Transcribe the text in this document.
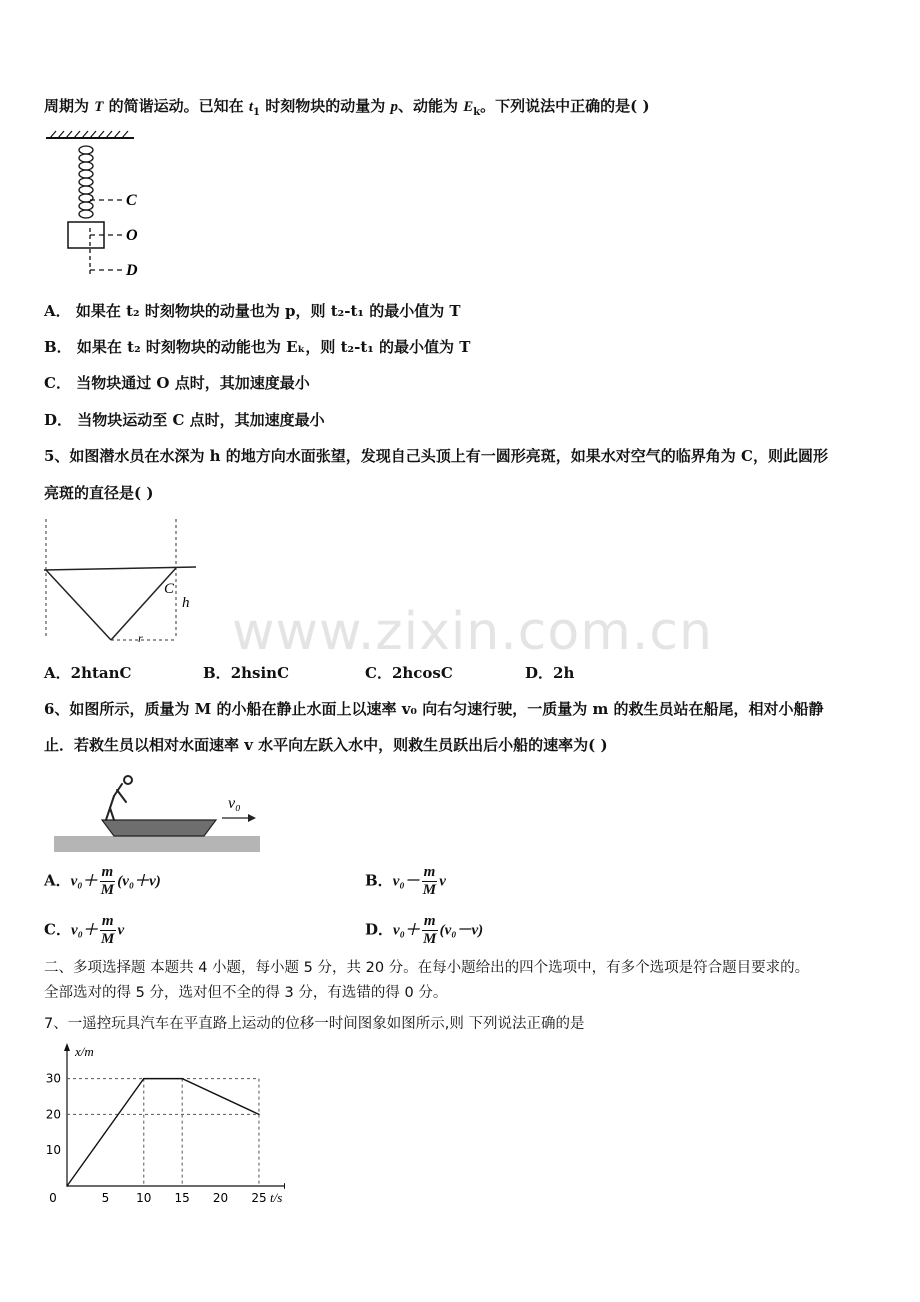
周期为 T 的简谐运动。已知在 $t_1$ 时刻物块的动量为 p、动能为 $E_k$。下列说法中正确的是( )
C
O
D
A． 如果在 t₂ 时刻物块的动量也为 p，则 t₂-t₁ 的最小值为 T
B． 如果在 t₂ 时刻物块的动能也为 Eₖ，则 t₂-t₁ 的最小值为 T
C． 当物块通过 O 点时，其加速度最小
D． 当物块运动至 C 点时，其加速度最小
5、如图潜水员在水深为 h 的地方向水面张望，发现自己头顶上有一圆形亮斑，如果水对空气的临界角为 C，则此圆形
亮斑的直径是( )
C
h
r
A．2htanC	B．2hsinC	C．2hcosC	D．2h
6、如图所示，质量为 M 的小船在静止水面上以速率 v₀ 向右匀速行驶，一质量为 m 的救生员站在船尾，相对小船静
止．若救生员以相对水面速率 v 水平向左跃入水中，则救生员跃出后小船的速率为( )
v₀
A．$v_0+ \frac{m}{M} (v_0+v)$	B．$v_0- \frac{m}{M}$ v
C．$v_0+ \frac{m}{M}$ v	D．$v_0+ \frac{m}{M} (v_0-v)$
二、多项选择题 本题共 4 小题，每小题 5 分，共 20 分。在每小题给出的四个选项中，有多个选项是符合题目要求的。
全部选对的得 5 分，选对但不全的得 3 分，有选错的得 0 分。
7、一遥控玩具汽车在平直路上运动的位移一时间图象如图所示,则 下列说法正确的是
x/m
t/s
0	5 10 15 20 25
10
20
30
www.zixin.com.cn
